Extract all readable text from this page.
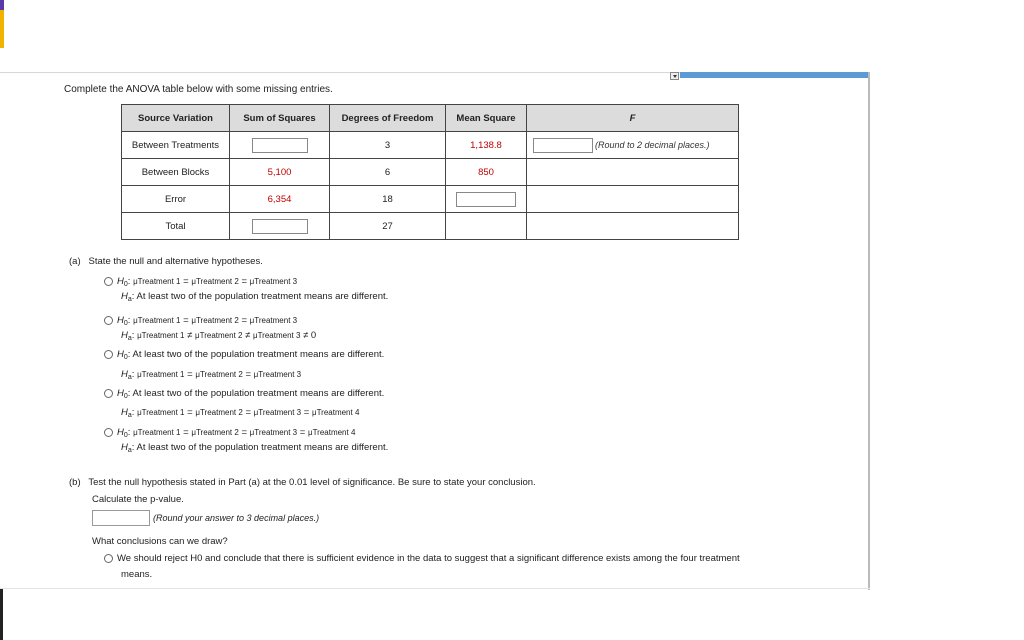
Complete the ANOVA table below with some missing entries.
Source Variation	Sum of Squares	Degrees of Freedom	Mean Square	F
Between Treatments		3	1,138.8	(Round to 2 decimal places.)
Between Blocks	5,100	6	850	
Error	6,354	18		
Total		27		
(a) State the null and alternative hypotheses.
$H_0$: μTreatment 1 = μTreatment 2 = μTreatment 3
$H_a$: At least two of the population treatment means are different.
$H_0$: μTreatment 1 = μTreatment 2 = μTreatment 3
$H_a$: μTreatment 1 ≠ μTreatment 2 ≠ μTreatment 3 ≠ 0
$H_0$: At least two of the population treatment means are different.
$H_a$: μTreatment 1 = μTreatment 2 = μTreatment 3
$H_0$: At least two of the population treatment means are different.
$H_a$: μTreatment 1 = μTreatment 2 = μTreatment 3 = μTreatment 4
$H_0$: μTreatment 1 = μTreatment 2 = μTreatment 3 = μTreatment 4
$H_a$: At least two of the population treatment means are different.
(b) Test the null hypothesis stated in Part (a) at the 0.01 level of significance. Be sure to state your conclusion.
Calculate the p-value.
(Round your answer to 3 decimal places.)
What conclusions can we draw?
We should reject H0 and conclude that there is sufficient evidence in the data to suggest that a significant difference exists among the four treatment
means.
